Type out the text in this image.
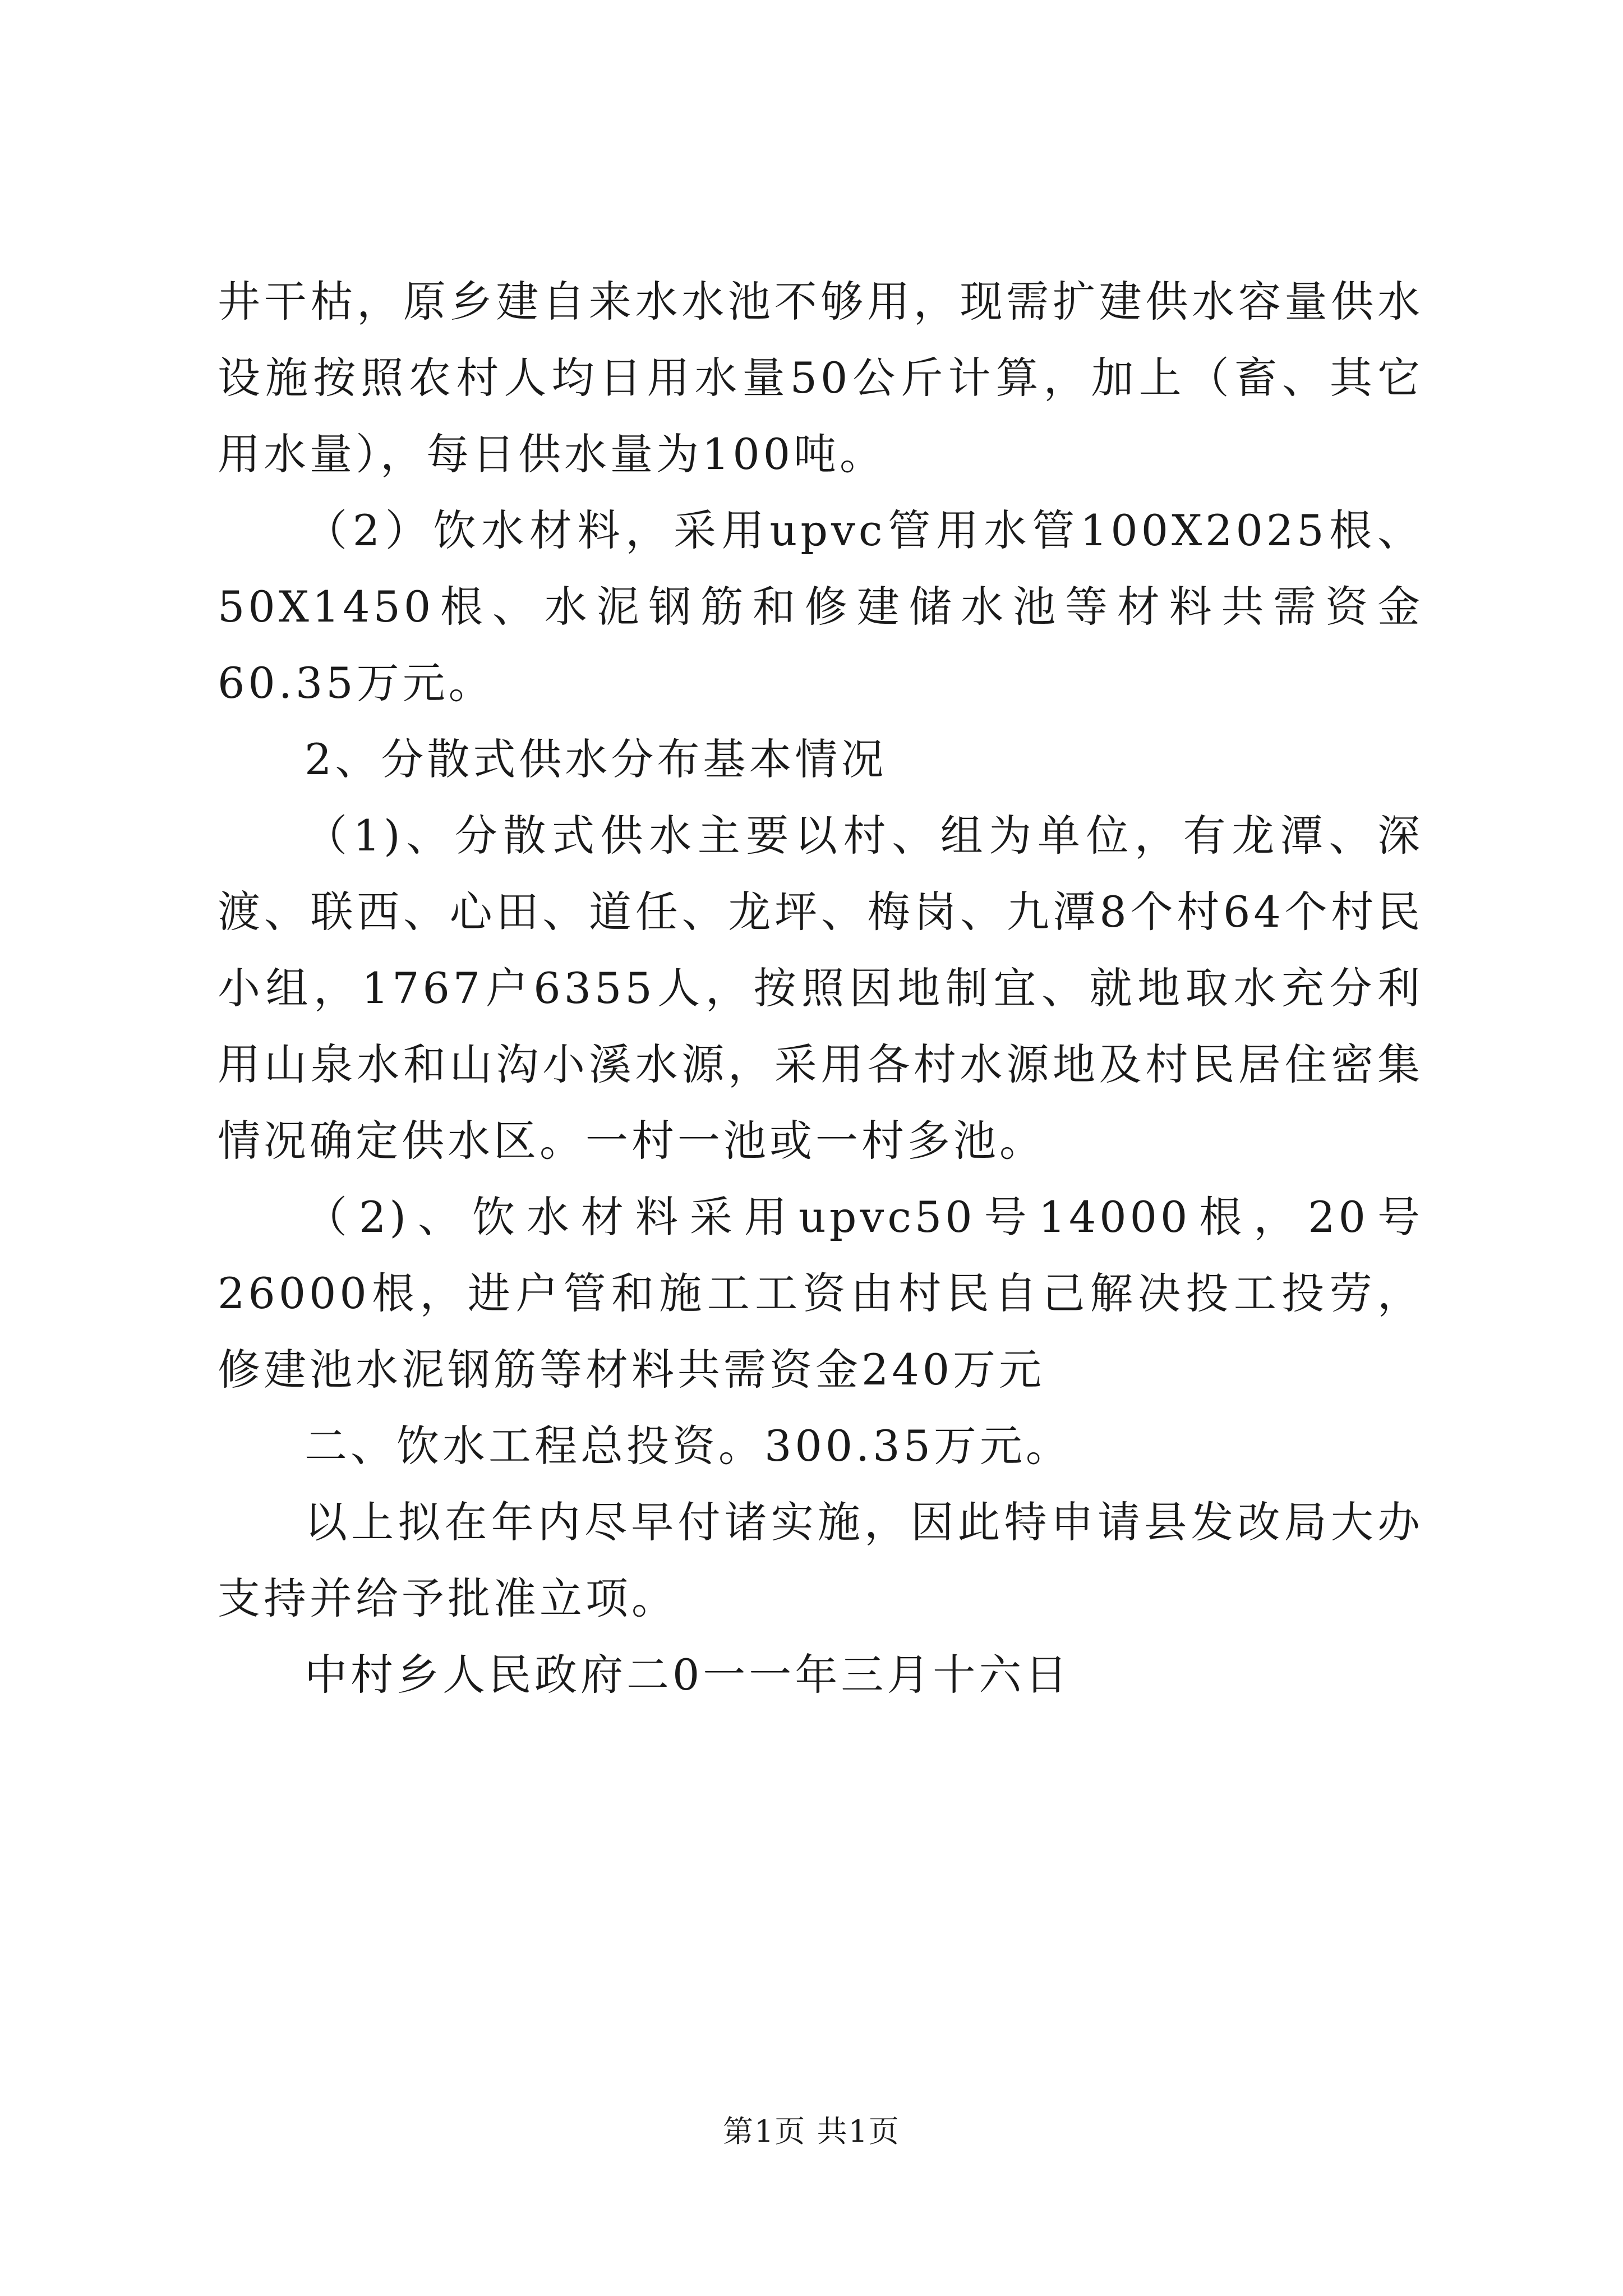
井干枯，原乡建自来水水池不够用，现需扩建供水容量供水设施按照农村人均日用水量50公斤计算，加上（畜、其它用水量），每日供水量为100吨。

（2）饮水材料，采用upvc管用水管100X2025根、50X1450根、水泥钢筋和修建储水池等材料共需资金60.35万元。

2、分散式供水分布基本情况

（1)、分散式供水主要以村、组为单位，有龙潭、深渡、联西、心田、道任、龙坪、梅岗、九潭8个村64个村民小组，1767户6355人，按照因地制宜、就地取水充分利用山泉水和山沟小溪水源，采用各村水源地及村民居住密集情况确定供水区。一村一池或一村多池。

（2)、饮水材料采用upvc50号14000根，20号26000根，进户管和施工工资由村民自己解决投工投劳，修建池水泥钢筋等材料共需资金240万元

二、饮水工程总投资。300.35万元。

以上拟在年内尽早付诸实施，因此特申请县发改局大办支持并给予批准立项。

中村乡人民政府二0一一年三月十六日

第1页 共1页
